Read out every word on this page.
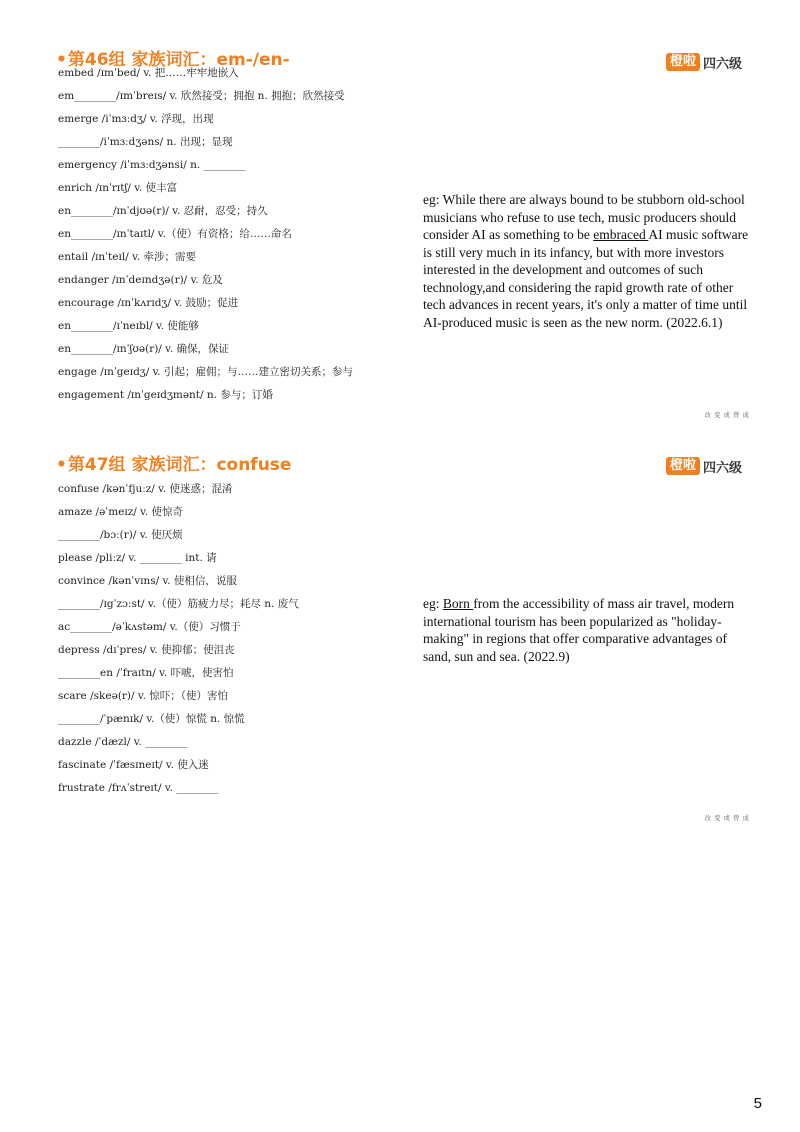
•第46组 家族词汇：em-/en-	橙啦 四六级
embed /ɪmˈbed/ v. 把……牢牢地嵌入
em________/ɪmˈbreɪs/ v. 欣然接受；拥抱 n. 拥抱；欣然接受
emerge /iˈmɜːdʒ/ v. 浮现，出现
________/iˈmɜːdʒəns/ n. 出现；显现
emergency /iˈmɜːdʒənsi/ n. ________
enrich /ɪnˈrɪtʃ/ v. 使丰富
en________/ɪnˈdjʊə(r)/ v. 忍耐，忍受；持久
en________/ɪnˈtaɪtl/ v.（使）有资格；给……命名
entail /ɪnˈteɪl/ v. 牵涉；需要
endanger /ɪnˈdeɪndʒə(r)/ v. 危及
encourage /ɪnˈkʌrɪdʒ/ v. 鼓励；促进
en________/ɪˈneɪbl/ v. 使能够
en________/ɪnˈʃʊə(r)/ v. 确保，保证
engage /ɪnˈgeɪdʒ/ v. 引起；雇佣；与……建立密切关系；参与
engagement /ɪnˈgeɪdʒmənt/ n. 参与；订婚

eg: While there are always bound to be stubborn old-school musicians who refuse to use tech, music producers should consider AI as something to be embraced AI music software is still very much in its infancy, but with more investors interested in the development and outcomes of such technology,and considering the rapid growth rate of other tech advances in recent years, it's only a matter of time until AI-produced music is seen as the new norm. (2022.6.1)

改变或曾成
•第47组 家族词汇：confuse	橙啦 四六级
confuse /kənˈfjuːz/ v. 使迷惑；混淆
amaze /əˈmeɪz/ v. 使惊奇
________/bɔː(r)/ v. 使厌烦
please /pliːz/ v. ________ int. 请
convince /kənˈvɪns/ v. 使相信，说服
________/ɪgˈzɔːst/ v.（使）筋疲力尽；耗尽 n. 废气
ac________/əˈkʌstəm/ v.（使）习惯于
depress /dɪˈpres/ v. 使抑郁；使沮丧
________en /ˈfraɪtn/ v. 吓唬，使害怕
scare /skeə(r)/ v. 惊吓；（使）害怕
________/ˈpænɪk/ v.（使）惊慌 n. 惊慌
dazzle /ˈdæzl/ v. ________
fascinate /ˈfæsɪneɪt/ v. 使入迷
frustrate /frʌˈstreɪt/ v. ________

eg: Born from the accessibility of mass air travel, modern international tourism has been popularized as "holiday-making" in regions that offer comparative advantages of sand, sun and sea. (2022.9)

改变或曾成
5
